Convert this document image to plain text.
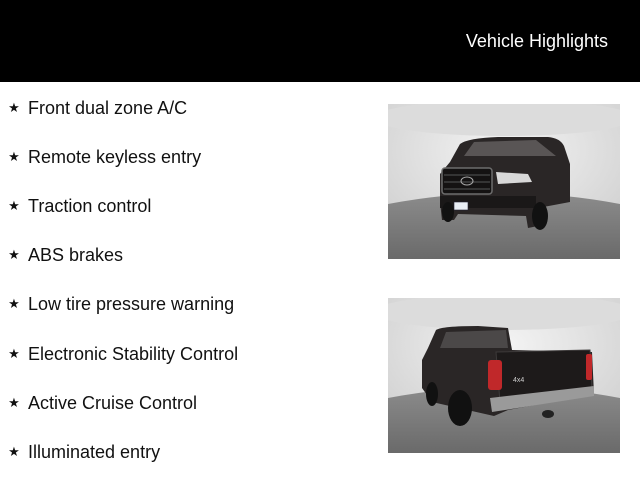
Vehicle Highlights
★ Front dual zone A/C
★ Remote keyless entry
★ Traction control
★ ABS brakes
★ Low tire pressure warning
★ Electronic Stability Control
★ Active Cruise Control
★ Illuminated entry
4x4
